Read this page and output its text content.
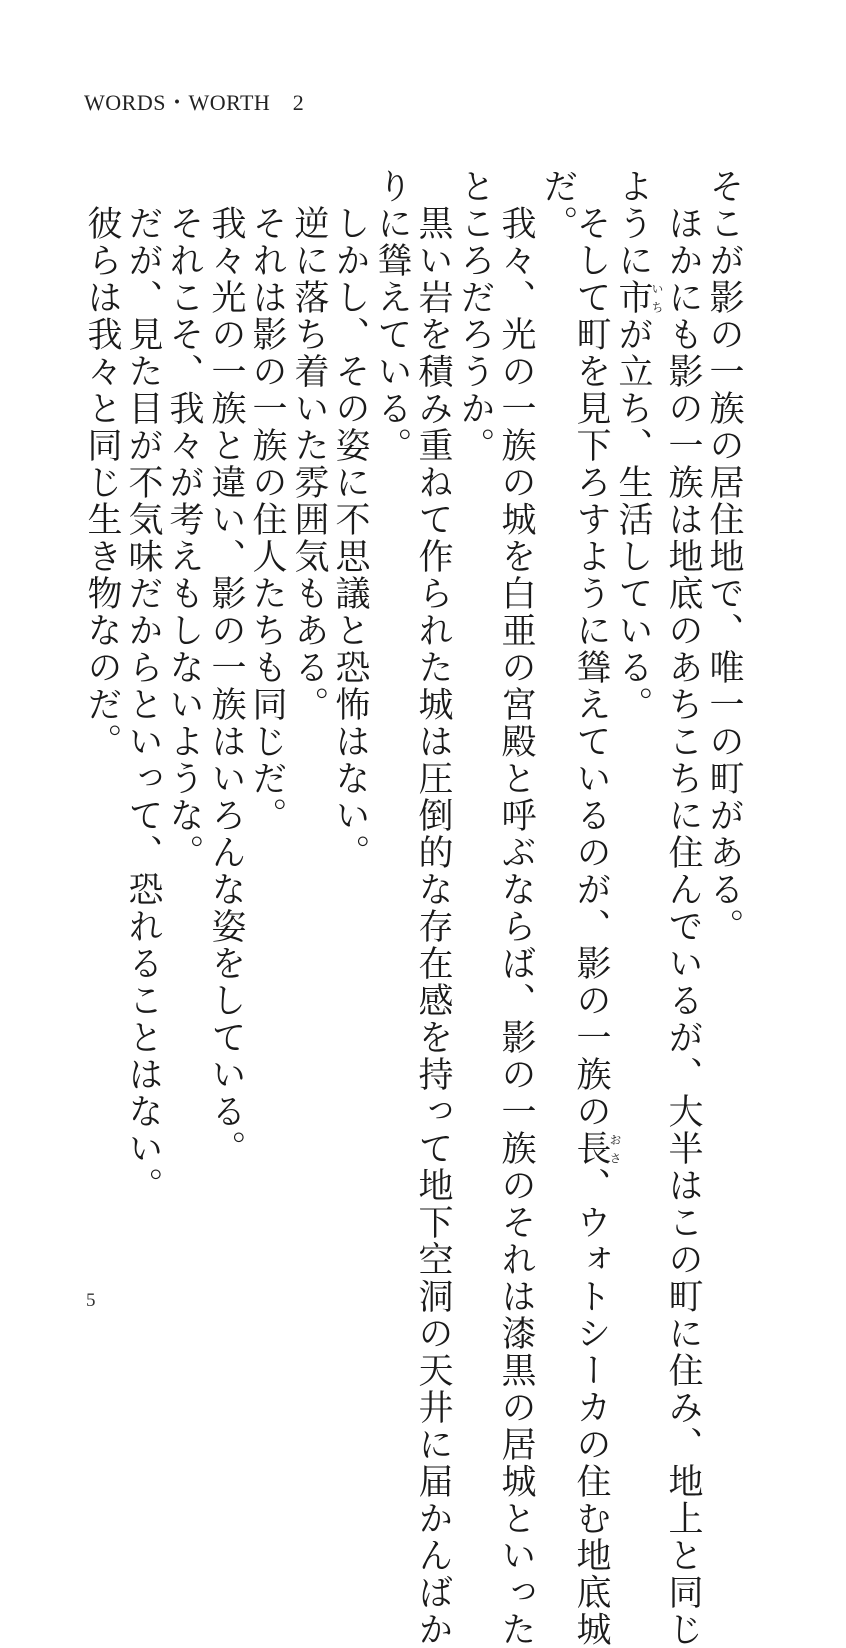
WORDS・WORTH　2
そこが影の一族の居住地で、唯一の町がある。
　ほかにも影の一族は地底のあちこちに住んでいるが、大半はこの町に住み、地上と同じ
ように市いちが立ち、生活している。
　そして町を見下ろすように聳えているのが、影の一族の長おさ、ウォトシーカの住む地底城
だ。
　我々、光の一族の城を白亜の宮殿と呼ぶならば、影の一族のそれは漆黒の居城といった
ところだろうか。
　黒い岩を積み重ねて作られた城は圧倒的な存在感を持って地下空洞の天井に届かんばか
りに聳えている。
　しかし、その姿に不思議と恐怖はない。
　逆に落ち着いた雰囲気もある。
　それは影の一族の住人たちも同じだ。
　我々光の一族と違い、影の一族はいろんな姿をしている。
　それこそ、我々が考えもしないような。
　だが、見た目が不気味だからといって、恐れることはない。
　彼らは我々と同じ生き物なのだ。
5
